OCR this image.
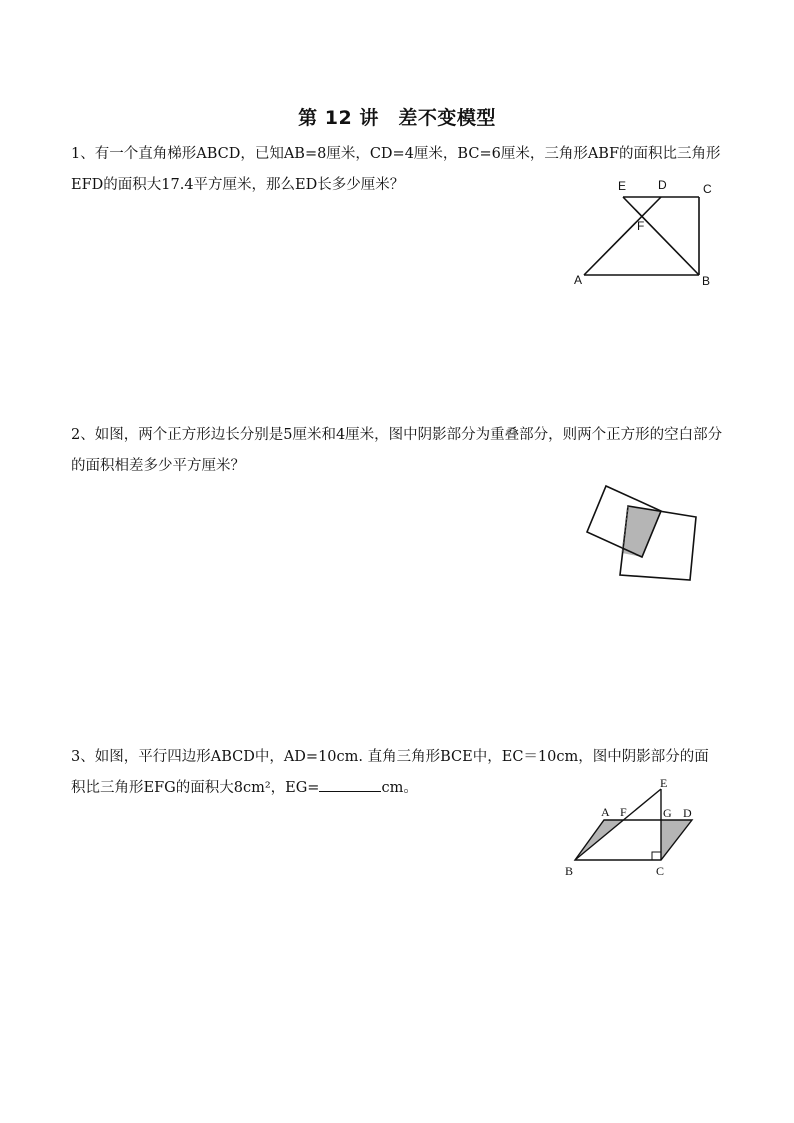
第 12 讲　差不变模型

1、有一个直角梯形ABCD，已知AB=8厘米，CD=4厘米，BC=6厘米，三角形ABF的面积比三角形EFD的面积大17.4平方厘米，那么ED长多少厘米？	E	D	C
F
A	B

2、如图，两个正方形边长分别是5厘米和4厘米，图中阴影部分为重叠部分，则两个正方形的空白部分的面积相差多少平方厘米？

3、如图，平行四边形ABCD中，AD=10cm. 直角三角形BCE中，EC＝10cm，图中阴影部分的面积比三角形EFG的面积大8cm²，EG=	cm。	E
A F	G D
B	C
